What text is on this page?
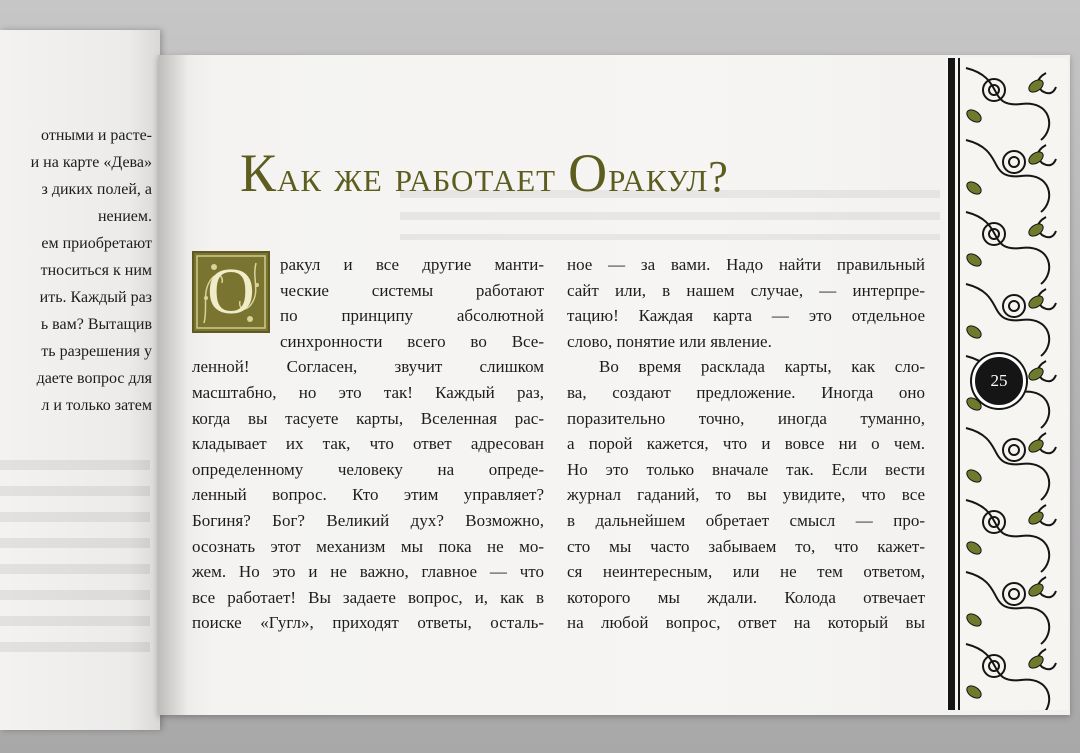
отными и расте-
и на карте «Дева»
з диких полей, а
нением.
ем приобретают
тноситься к ним
ить. Каждый раз
ь вам? Вытащив
ть разрешения у
даете вопрос для
л и только затем
Как же работает Оракул?
О	ракул и все другие манти-
ческие системы работают
по принципу абсолютной
синхронности всего во Все-
ленной! Согласен, звучит слишком
масштабно, но это так! Каждый раз,
когда вы тасуете карты, Вселенная рас-
кладывает их так, что ответ адресован
определенному человеку на опреде-
ленный вопрос. Кто этим управляет?
Богиня? Бог? Великий дух? Возможно,
осознать этот механизм мы пока не мо-
жем. Но это и не важно, главное — что
все работает! Вы задаете вопрос, и, как в
поиске «Гугл», приходят ответы, осталь-
ное — за вами. Надо найти правильный
сайт или, в нашем случае, — интерпре-
тацию! Каждая карта — это отдельное
слово, понятие или явление.
Во время расклада карты, как сло-
ва, создают предложение. Иногда оно
поразительно точно, иногда туманно,
а порой кажется, что и вовсе ни о чем.
Но это только вначале так. Если вести
журнал гаданий, то вы увидите, что все
в дальнейшем обретает смысл — про-
сто мы часто забываем то, что кажет-
ся неинтересным, или не тем ответом,
которого мы ждали. Колода отвечает
на любой вопрос, ответ на который вы
25
